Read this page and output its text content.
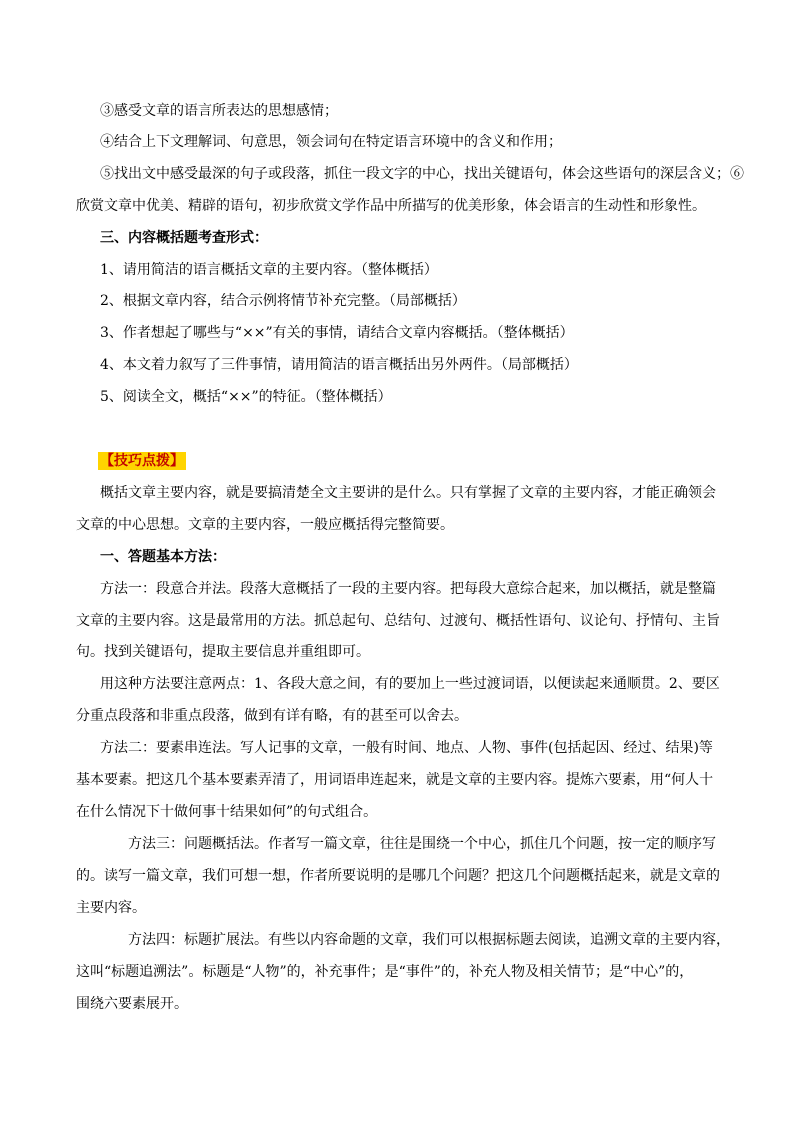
③感受文章的语言所表达的思想感情；
④结合上下文理解词、句意思，领会词句在特定语言环境中的含义和作用；
⑤找出文中感受最深的句子或段落，抓住一段文字的中心，找出关键语句，体会这些语句的深层含义；⑥
欣赏文章中优美、精辟的语句，初步欣赏文学作品中所描写的优美形象，体会语言的生动性和形象性。
三、内容概括题考查形式：
1、请用简洁的语言概括文章的主要内容。（整体概括）
2、根据文章内容，结合示例将情节补充完整。（局部概括）
3、作者想起了哪些与“××”有关的事情，请结合文章内容概括。（整体概括）
4、本文着力叙写了三件事情，请用简洁的语言概括出另外两件。（局部概括）
5、阅读全文，概括“××”的特征。（整体概括）
【技巧点拨】
概括文章主要内容，就是要搞清楚全文主要讲的是什么。只有掌握了文章的主要内容，才能正确领会
文章的中心思想。文章的主要内容，一般应概括得完整简要。
一、答题基本方法：
方法一：段意合并法。段落大意概括了一段的主要内容。把每段大意综合起来，加以概括，就是整篇
文章的主要内容。这是最常用的方法。抓总起句、总结句、过渡句、概括性语句、议论句、抒情句、主旨
句。找到关键语句，提取主要信息并重组即可。
用这种方法要注意两点：1、各段大意之间，有的要加上一些过渡词语，以便读起来通顺贯。2、要区
分重点段落和非重点段落，做到有详有略，有的甚至可以舍去。
方法二：要素串连法。写人记事的文章，一般有时间、地点、人物、事件(包括起因、经过、结果)等
基本要素。把这几个基本要素弄清了，用词语串连起来，就是文章的主要内容。提炼六要素，用“何人十
在什么情况下十做何事十结果如何”的句式组合。
方法三：问题概括法。作者写一篇文章，往往是围绕一个中心，抓住几个问题，按一定的顺序写
的。读写一篇文章，我们可想一想，作者所要说明的是哪几个问题？把这几个问题概括起来，就是文章的
主要内容。
方法四：标题扩展法。有些以内容命题的文章，我们可以根据标题去阅读，追溯文章的主要内容，
这叫“标题追溯法”。标题是“人物”的，补充事件；是“事件”的，补充人物及相关情节；是“中心”的，
围绕六要素展开。
